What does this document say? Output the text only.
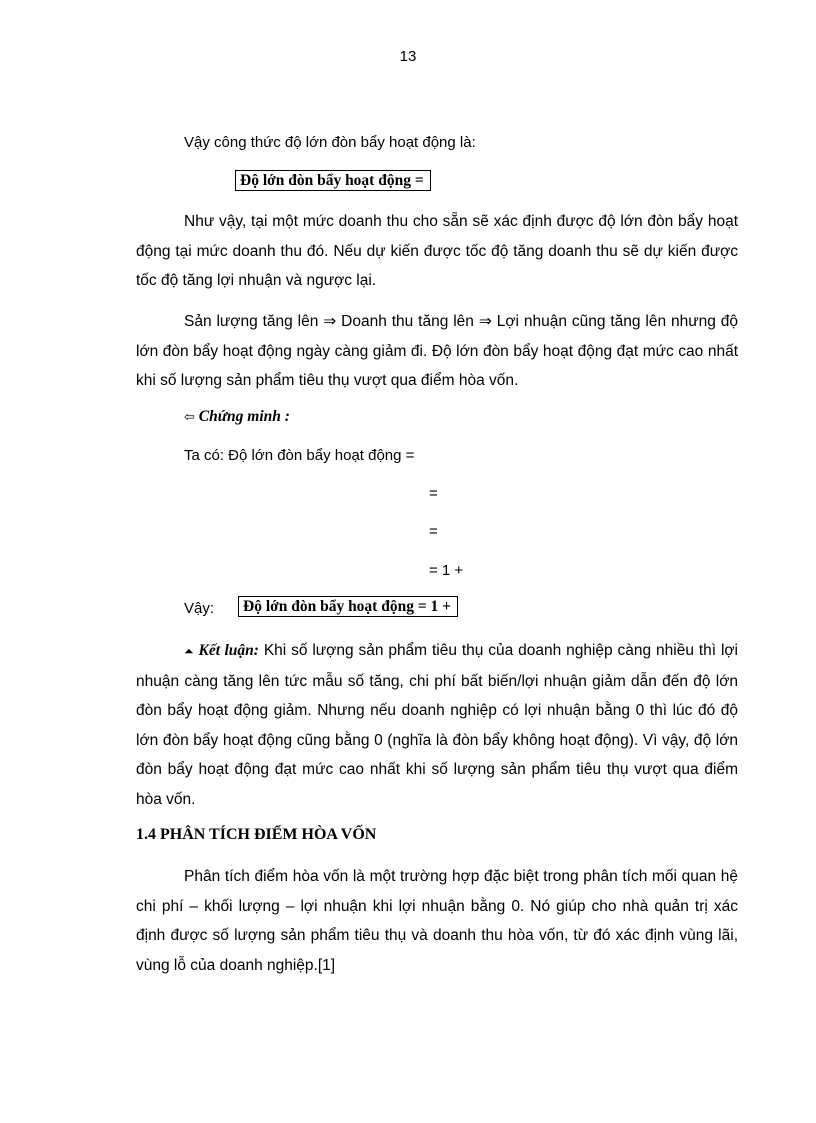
13
Vậy công thức độ lớn đòn bẩy hoạt động là:
Độ lớn đòn bẩy hoạt động =
Như vậy, tại một mức doanh thu cho sẵn sẽ xác định được độ lớn đòn bẩy hoạt động tại mức doanh thu đó. Nếu dự kiến được tốc độ tăng doanh thu sẽ dự kiến được tốc độ tăng lợi nhuận và ngược lại.
Sản lượng tăng lên ⇒ Doanh thu tăng lên ⇒ Lợi nhuận cũng tăng lên nhưng độ lớn đòn bẩy hoạt động ngày càng giảm đi. Độ lớn đòn bẩy hoạt động đạt mức cao nhất khi số lượng sản phẩm tiêu thụ vượt qua điểm hòa vốn.
⇦ Chứng minh :
Ta có: Độ lớn đòn bẩy hoạt động =
=
=
= 1 +
Vậy:	Độ lớn đòn bẩy hoạt động = 1 +
⏶ Kết luận: Khi số lượng sản phẩm tiêu thụ của doanh nghiệp càng nhiều thì lợi nhuận càng tăng lên tức mẫu số tăng, chi phí bất biến/lợi nhuận giảm dẫn đến độ lớn đòn bẩy hoạt động giảm. Nhưng nếu doanh nghiệp có lợi nhuận bằng 0 thì lúc đó độ lớn đòn bẩy hoạt động cũng bằng 0 (nghĩa là đòn bẩy không hoạt động). Vì vậy, độ lớn đòn bẩy hoạt động đạt mức cao nhất khi số lượng sản phẩm tiêu thụ vượt qua điểm hòa vốn.
1.4 PHÂN TÍCH ĐIỂM HÒA VỐN
Phân tích điểm hòa vốn là một trường hợp đặc biệt trong phân tích mối quan hệ chi phí – khối lượng – lợi nhuận khi lợi nhuận bằng 0. Nó giúp cho nhà quản trị xác định được số lượng sản phẩm tiêu thụ và doanh thu hòa vốn, từ đó xác định vùng lãi, vùng lỗ của doanh nghiệp.[1]
